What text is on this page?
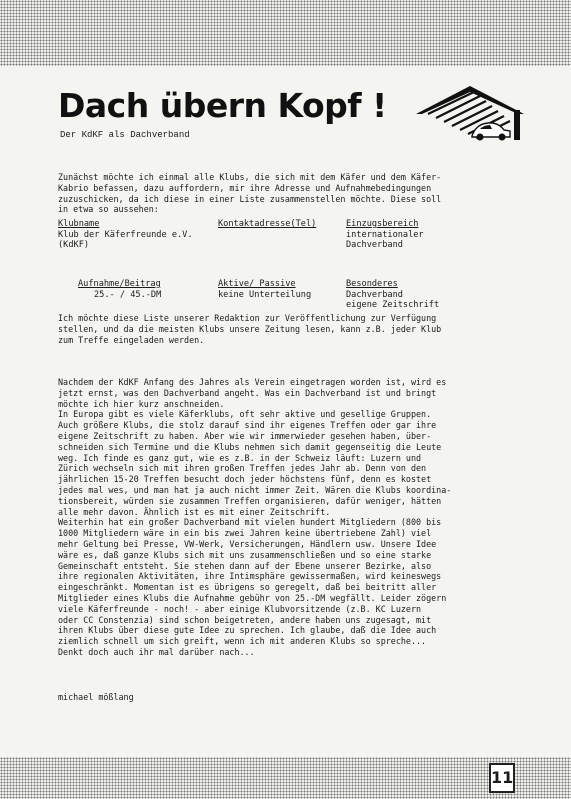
Dach übern Kopf !
Der KdKF als Dachverband
Zunächst möchte ich einmal alle Klubs, die sich mit dem Käfer und dem Käfer-
Kabrio befassen, dazu auffordern, mir ihre Adresse und Aufnahmebedingungen
zuzuschicken, da ich diese in einer Liste zusammenstellen möchte. Diese soll
in etwa so aussehen:
Klubname
Klub der Käferfreunde e.V.
(KdKF)
Kontaktadresse(Tel)	Einzugsbereich
internationaler
Dachverband
Aufnahme/Beitrag
25.- / 45.-DM
Aktive/ Passive
keine Unterteilung
Besonderes
Dachverband
eigene Zeitschrift
Ich möchte diese Liste unserer Redaktion zur Veröffentlichung zur Verfügung
stellen, und da die meisten Klubs unsere Zeitung lesen, kann z.B. jeder Klub
zum Treffe eingeladen werden.
Nachdem der KdKF Anfang des Jahres als Verein eingetragen worden ist, wird es
jetzt ernst, was den Dachverband angeht. Was ein Dachverband ist und bringt
möchte ich hier kurz anschneiden.
In Europa gibt es viele Käferklubs, oft sehr aktive und gesellige Gruppen.
Auch größere Klubs, die stolz darauf sind ihr eigenes Treffen oder gar ihre
eigene Zeitschrift zu haben. Aber wie wir immerwieder gesehen haben, über-
schneiden sich Termine und die Klubs nehmen sich damit gegenseitig die Leute
weg. Ich finde es ganz gut, wie es z.B. in der Schweiz läuft: Luzern und
Zürich wechseln sich mit ihren großen Treffen jedes Jahr ab. Denn von den
jährlichen 15-20 Treffen besucht doch jeder höchstens fünf, denn es kostet
jedes mal wes, und man hat ja auch nicht immer Zeit. Wären die Klubs koordina-
tionsbereit, würden sie zusammen Treffen organisieren, dafür weniger, hätten
alle mehr davon. Ähnlich ist es mit einer Zeitschrift.
Weiterhin hat ein großer Dachverband mit vielen hundert Mitgliedern (800 bis
1000 Mitgliedern wäre in ein bis zwei Jahren keine übertriebene Zahl) viel
mehr Geltung bei Presse, VW-Werk, Versicherungen, Händlern usw. Unsere Idee
wäre es, daß ganze Klubs sich mit uns zusammenschließen und so eine starke
Gemeinschaft entsteht. Sie stehen dann auf der Ebene unserer Bezirke, also
ihre regionalen Aktivitäten, ihre Intimsphäre gewissermaßen, wird keineswegs
eingeschränkt. Momentan ist es übrigens so geregelt, daß bei beitritt aller
Mitglieder eines Klubs die Aufnahme gebühr von 25.-DM wegfällt. Leider zögern
viele Käferfreunde - noch! - aber einige Klubvorsitzende (z.B. KC Luzern
oder CC Constenzia) sind schon beigetreten, andere haben uns zugesagt, mit
ihren Klubs über diese gute Idee zu sprechen. Ich glaube, daß die Idee auch
ziemlich schnell um sich greift, wenn ich mit anderen Klubs so spreche...
Denkt doch auch ihr mal darüber nach...
michael mößlang
11
